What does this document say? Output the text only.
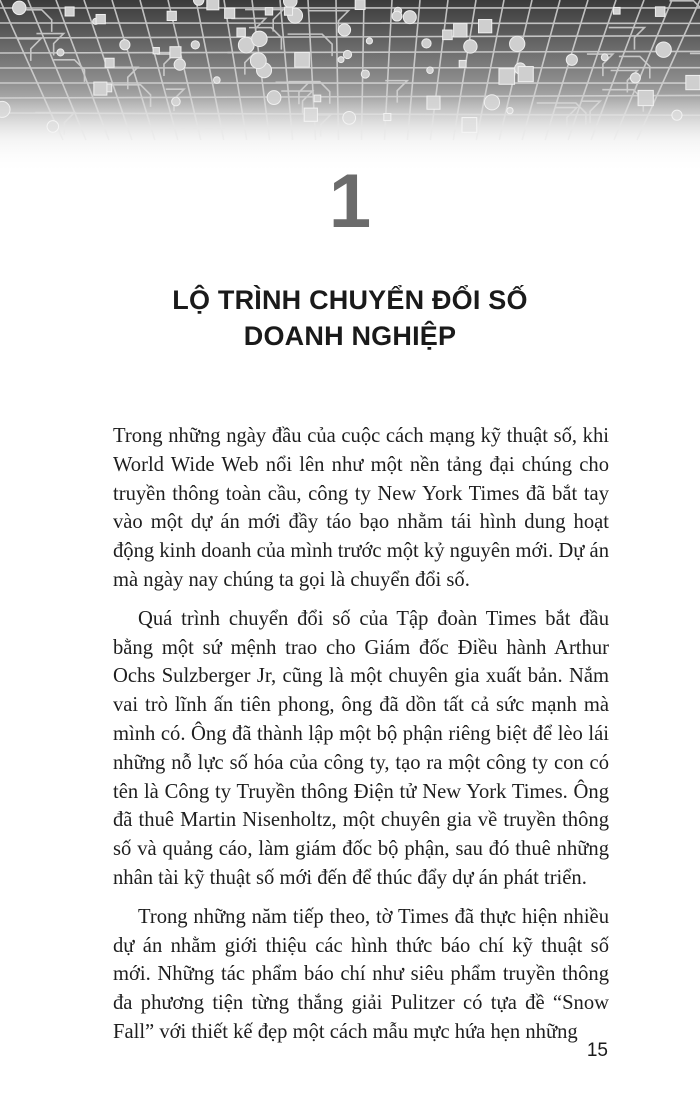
1
LỘ TRÌNH CHUYỂN ĐỔI SỐ
DOANH NGHIỆP

Trong những ngày đầu của cuộc cách mạng kỹ thuật số, khi World Wide Web nổi lên như một nền tảng đại chúng cho truyền thông toàn cầu, công ty New York Times đã bắt tay vào một dự án mới đầy táo bạo nhằm tái hình dung hoạt động kinh doanh của mình trước một kỷ nguyên mới. Dự án mà ngày nay chúng ta gọi là chuyển đổi số.

Quá trình chuyển đổi số của Tập đoàn Times bắt đầu bằng một sứ mệnh trao cho Giám đốc Điều hành Arthur Ochs Sulzberger Jr, cũng là một chuyên gia xuất bản. Nắm vai trò lĩnh ấn tiên phong, ông đã dồn tất cả sức mạnh mà mình có. Ông đã thành lập một bộ phận riêng biệt để lèo lái những nỗ lực số hóa của công ty, tạo ra một công ty con có tên là Công ty Truyền thông Điện tử New York Times. Ông đã thuê Martin Nisenholtz, một chuyên gia về truyền thông số và quảng cáo, làm giám đốc bộ phận, sau đó thuê những nhân tài kỹ thuật số mới đến để thúc đẩy dự án phát triển.

Trong những năm tiếp theo, tờ Times đã thực hiện nhiều dự án nhằm giới thiệu các hình thức báo chí kỹ thuật số mới. Những tác phẩm báo chí như siêu phẩm truyền thông đa phương tiện từng thắng giải Pulitzer có tựa đề “Snow Fall” với thiết kế đẹp một cách mẫu mực hứa hẹn những

15
